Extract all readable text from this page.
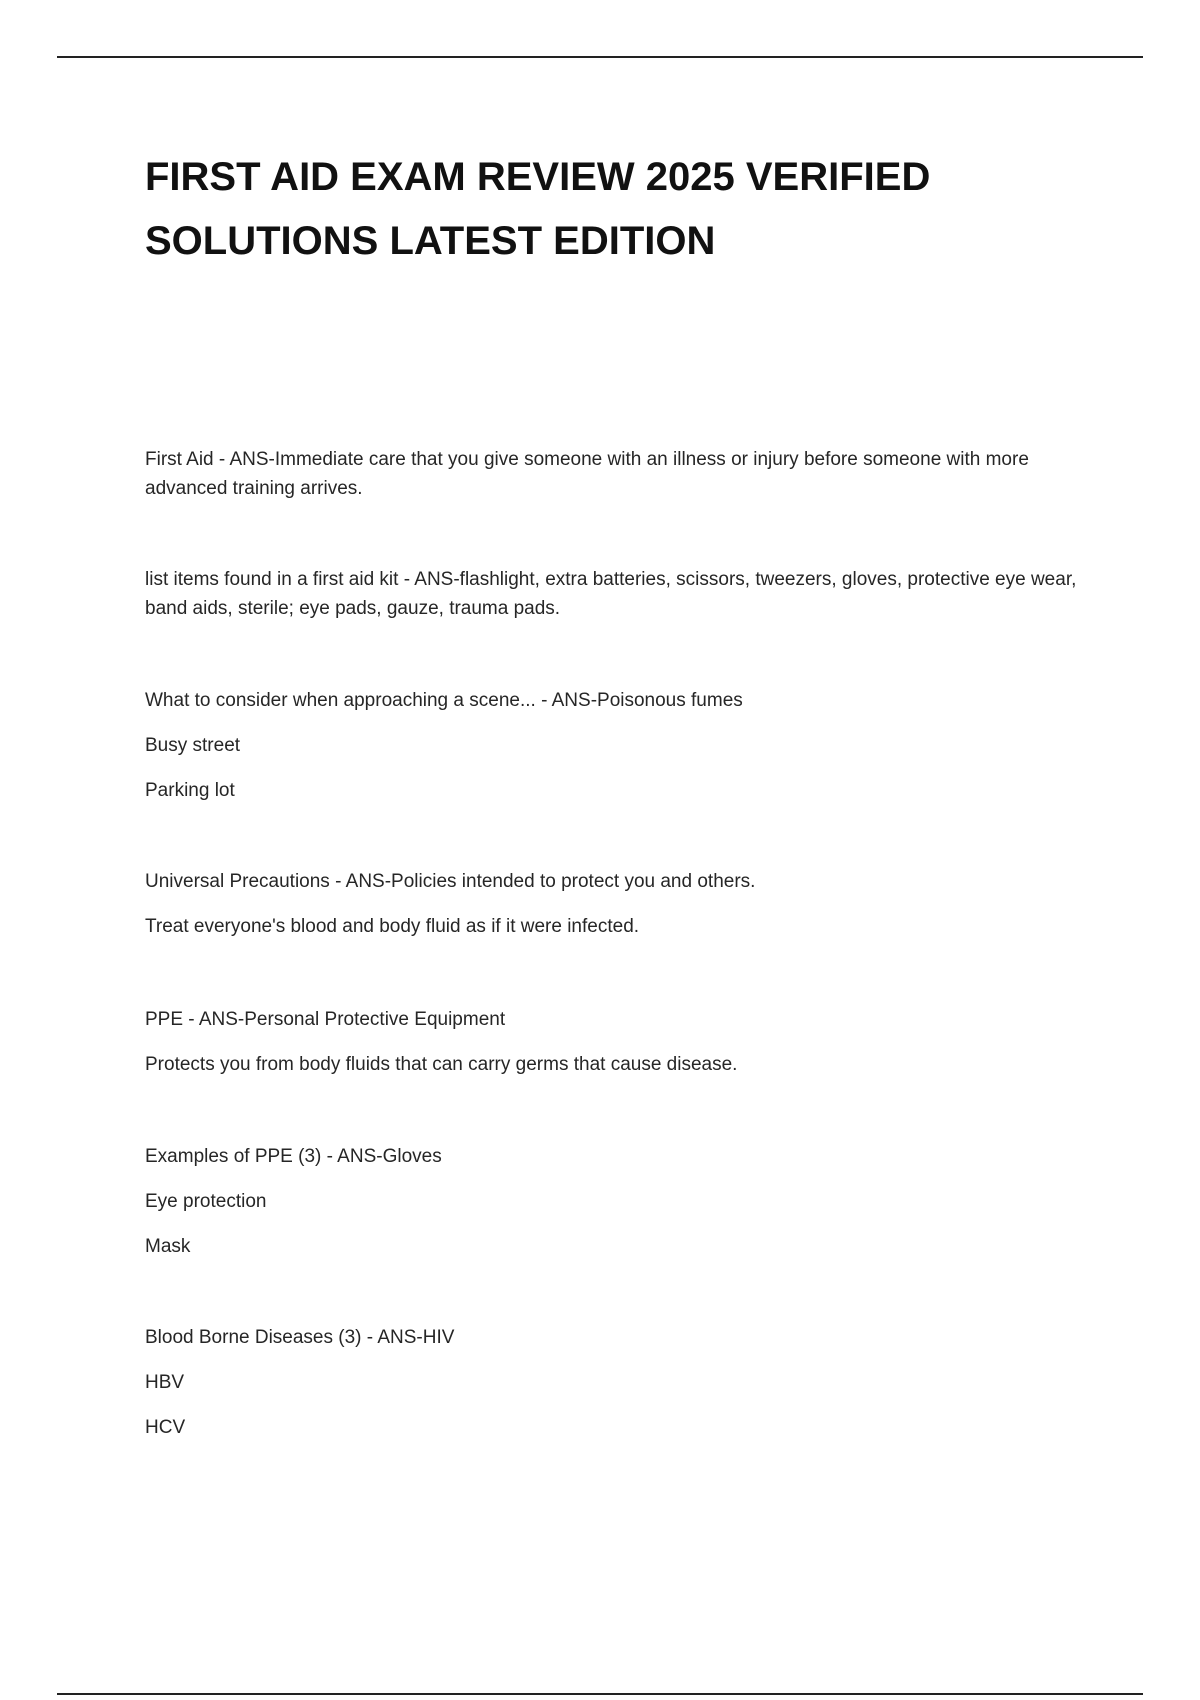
FIRST AID EXAM REVIEW 2025 VERIFIED SOLUTIONS LATEST EDITION

First Aid - ANS-Immediate care that you give someone with an illness or injury before someone with more advanced training arrives.

list items found in a first aid kit - ANS-flashlight, extra batteries, scissors, tweezers, gloves, protective eye wear, band aids, sterile; eye pads, gauze, trauma pads.

What to consider when approaching a scene... - ANS-Poisonous fumes

Busy street

Parking lot

Universal Precautions - ANS-Policies intended to protect you and others.

Treat everyone's blood and body fluid as if it were infected.

PPE - ANS-Personal Protective Equipment

Protects you from body fluids that can carry germs that cause disease.

Examples of PPE (3) - ANS-Gloves

Eye protection

Mask

Blood Borne Diseases (3) - ANS-HIV

HBV

HCV
